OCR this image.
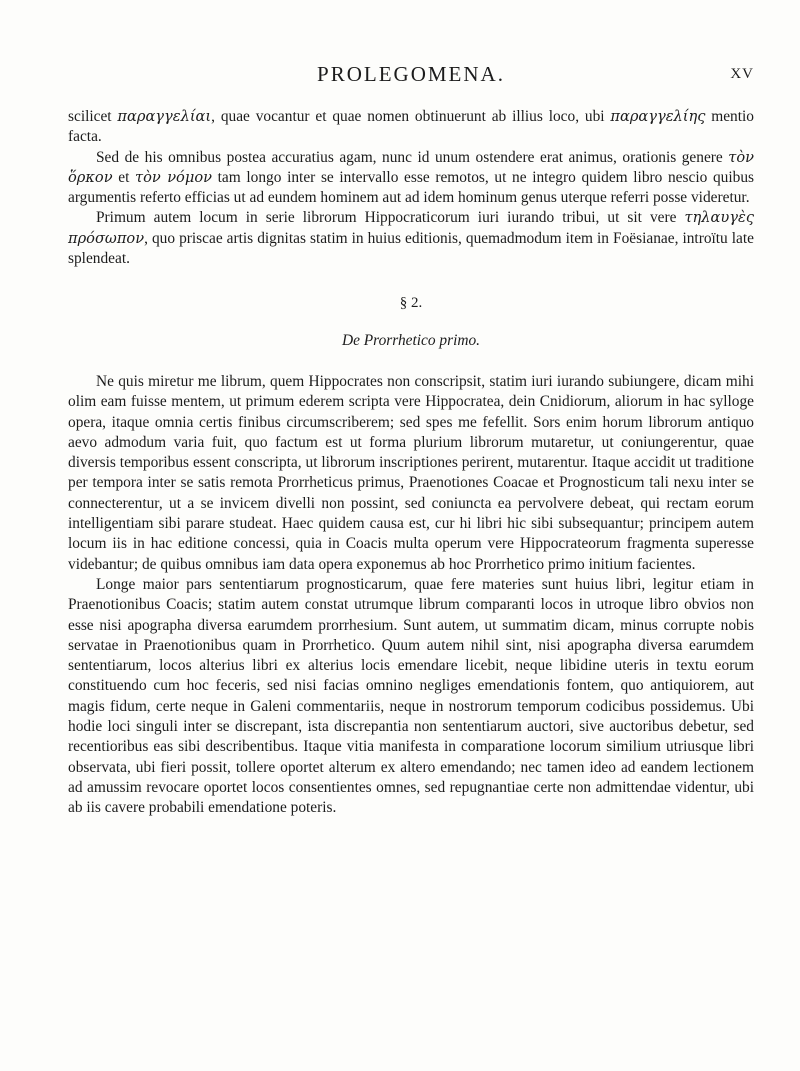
PROLEGOMENA.	XV

scilicet παραγγελίαι, quae vocantur et quae nomen obtinuerunt ab illius loco, ubi παραγγελίης mentio facta.

Sed de his omnibus postea accuratius agam, nunc id unum ostendere erat animus, orationis genere τὸν ὅρκον et τὸν νόμον tam longo inter se intervallo esse remotos, ut ne integro quidem libro nescio quibus argumentis referto efficias ut ad eundem hominem aut ad idem hominum genus uterque referri posse videretur.

Primum autem locum in serie librorum Hippocraticorum iuri iurando tribui, ut sit vere τηλαυγὲς πρόσωπον, quo priscae artis dignitas statim in huius editionis, quemadmodum item in Foësianae, introïtu late splendeat.

§ 2.
De Prorrhetico primo.

Ne quis miretur me librum, quem Hippocrates non conscripsit, statim iuri iurando subiungere, dicam mihi olim eam fuisse mentem, ut primum ederem scripta vere Hippocratea, dein Cnidiorum, aliorum in hac sylloge opera, itaque omnia certis finibus circumscriberem; sed spes me fefellit. Sors enim horum librorum antiquo aevo admodum varia fuit, quo factum est ut forma plurium librorum mutaretur, ut coniungerentur, quae diversis temporibus essent conscripta, ut librorum inscriptiones perirent, mutarentur. Itaque accidit ut traditione per tempora inter se satis remota Prorrheticus primus, Praenotiones Coacae et Prognosticum tali nexu inter se connecterentur, ut a se invicem divelli non possint, sed coniuncta ea pervolvere debeat, qui rectam eorum intelligentiam sibi parare studeat. Haec quidem causa est, cur hi libri hic sibi subsequantur; principem autem locum iis in hac editione concessi, quia in Coacis multa operum vere Hippocrateorum fragmenta superesse videbantur; de quibus omnibus iam data opera exponemus ab hoc Prorrhetico primo initium facientes.

Longe maior pars sententiarum prognosticarum, quae fere materies sunt huius libri, legitur etiam in Praenotionibus Coacis; statim autem constat utrumque librum comparanti locos in utroque libro obvios non esse nisi apographa diversa earumdem prorrhesium. Sunt autem, ut summatim dicam, minus corrupte nobis servatae in Praenotionibus quam in Prorrhetico. Quum autem nihil sint, nisi apographa diversa earumdem sententiarum, locos alterius libri ex alterius locis emendare licebit, neque libidine uteris in textu eorum constituendo cum hoc feceris, sed nisi facias omnino negliges emendationis fontem, quo antiquiorem, aut magis fidum, certe neque in Galeni commentariis, neque in nostrorum temporum codicibus possidemus. Ubi hodie loci singuli inter se discrepant, ista discrepantia non sententiarum auctori, sive auctoribus debetur, sed recentioribus eas sibi describentibus. Itaque vitia manifesta in comparatione locorum similium utriusque libri observata, ubi fieri possit, tollere oportet alterum ex altero emendando; nec tamen ideo ad eandem lectionem ad amussim revocare oportet locos consentientes omnes, sed repugnantiae certe non admittendae videntur, ubi ab iis cavere probabili emendatione poteris.
